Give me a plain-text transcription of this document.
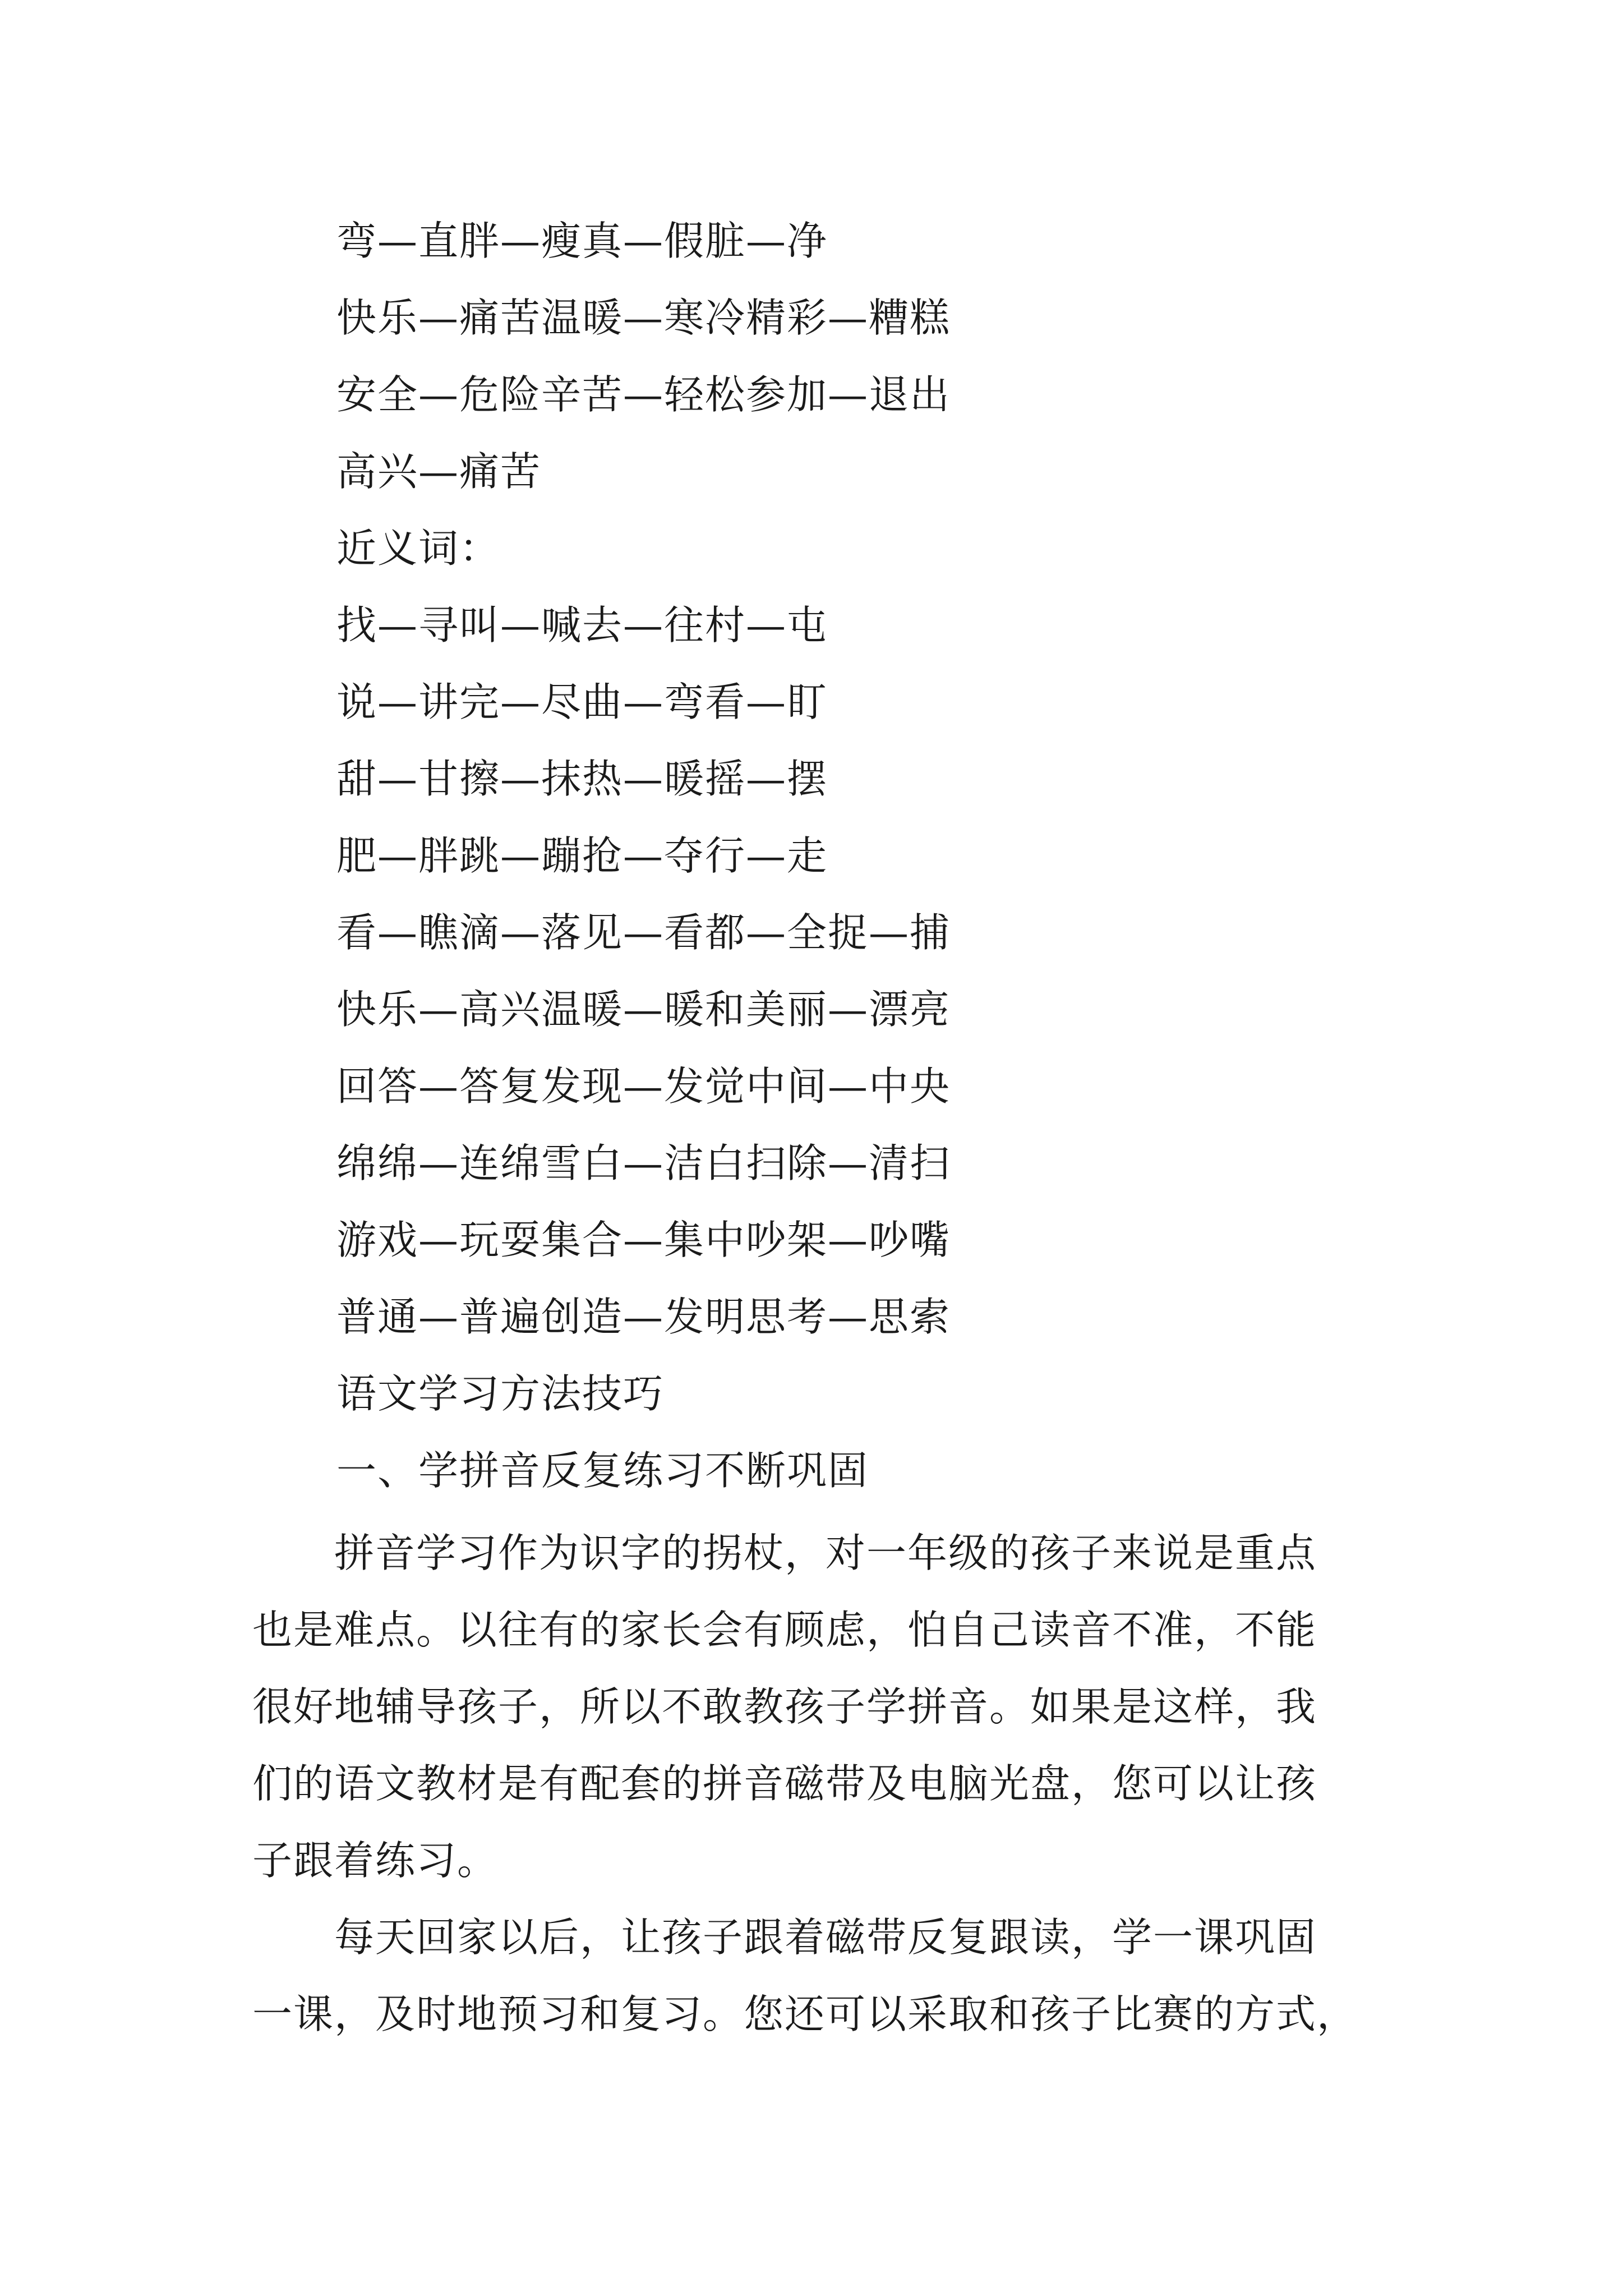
弯—直胖—瘦真—假脏—净
快乐—痛苦温暖—寒冷精彩—糟糕
安全—危险辛苦—轻松参加—退出
高兴—痛苦
近义词：
找—寻叫—喊去—往村—屯
说—讲完—尽曲—弯看—盯
甜—甘擦—抹热—暖摇—摆
肥—胖跳—蹦抢—夺行—走
看—瞧滴—落见—看都—全捉—捕
快乐—高兴温暖—暖和美丽—漂亮
回答—答复发现—发觉中间—中央
绵绵—连绵雪白—洁白扫除—清扫
游戏—玩耍集合—集中吵架—吵嘴
普通—普遍创造—发明思考—思索
语文学习方法技巧
一、学拼音反复练习不断巩固
　　拼音学习作为识字的拐杖，对一年级的孩子来说是重点
也是难点。以往有的家长会有顾虑，怕自己读音不准，不能
很好地辅导孩子，所以不敢教孩子学拼音。如果是这样，我
们的语文教材是有配套的拼音磁带及电脑光盘，您可以让孩
子跟着练习。
　　每天回家以后，让孩子跟着磁带反复跟读，学一课巩固
一课，及时地预习和复习。您还可以采取和孩子比赛的方式，
